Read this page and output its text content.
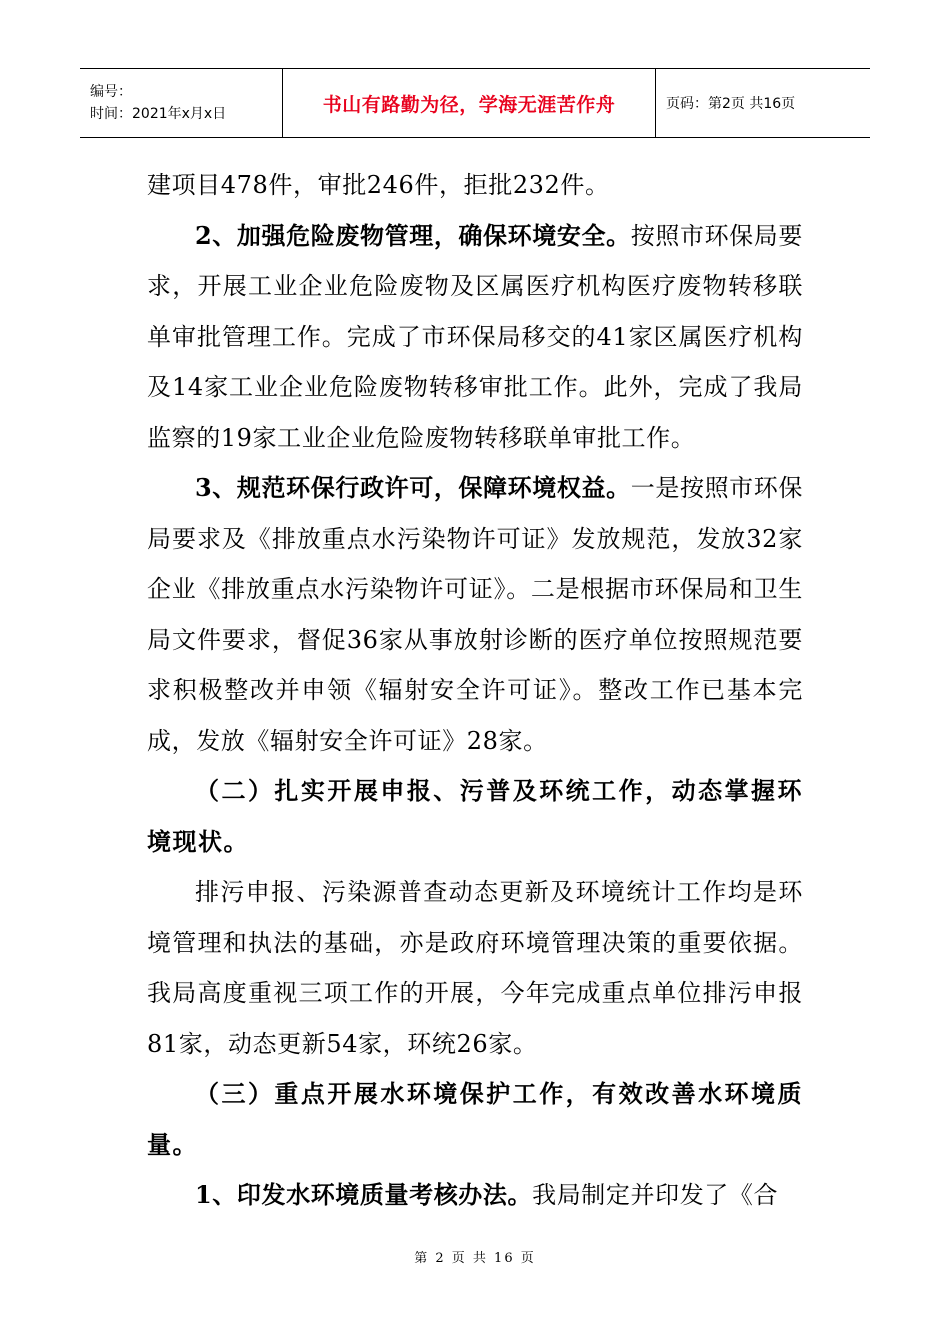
编号：
时间：2021年x月x日	书山有路勤为径，学海无涯苦作舟	页码：第2页 共16页

建项目478件，审批246件，拒批232件。

2、加强危险废物管理，确保环境安全。按照市环保局要求，开展工业企业危险废物及区属医疗机构医疗废物转移联单审批管理工作。完成了市环保局移交的41家区属医疗机构及14家工业企业危险废物转移审批工作。此外，完成了我局监察的19家工业企业危险废物转移联单审批工作。

3、规范环保行政许可，保障环境权益。一是按照市环保局要求及《排放重点水污染物许可证》发放规范，发放32家企业《排放重点水污染物许可证》。二是根据市环保局和卫生局文件要求，督促36家从事放射诊断的医疗单位按照规范要求积极整改并申领《辐射安全许可证》。整改工作已基本完成，发放《辐射安全许可证》28家。

（二）扎实开展申报、污普及环统工作，动态掌握环境现状。

排污申报、污染源普查动态更新及环境统计工作均是环境管理和执法的基础，亦是政府环境管理决策的重要依据。我局高度重视三项工作的开展，今年完成重点单位排污申报81家，动态更新54家，环统26家。

（三）重点开展水环境保护工作，有效改善水环境质量。

1、印发水环境质量考核办法。我局制定并印发了《合

第 2 页 共 16 页
